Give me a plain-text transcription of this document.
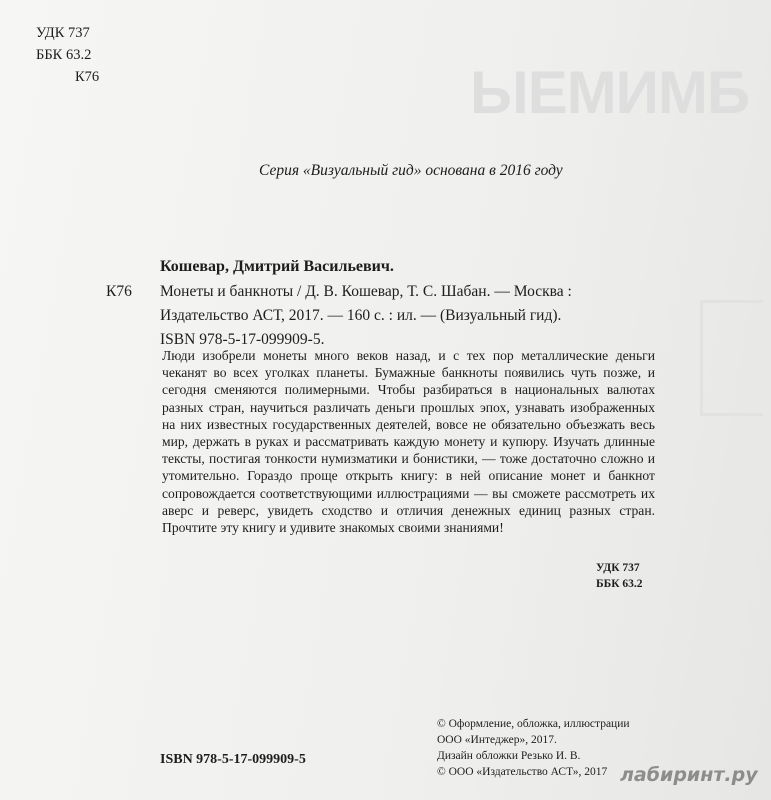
ЫЕМИМБ
УДК 737
ББК 63.2
К76
Серия «Визуальный гид» основана в 2016 году
Кошевар, Дмитрий Васильевич.
К76 Монеты и банкноты / Д. В. Кошевар, Т. С. Шабан. — Москва :
Издательство АСТ, 2017. — 160 с. : ил. — (Визуальный гид).
ISBN 978-5-17-099909-5.

Люди изобрели монеты много веков назад, и с тех пор металлические деньги чеканят во всех уголках планеты. Бумажные банкноты появились чуть позже, и сегодня сменяются полимерными. Чтобы разбираться в национальных валютах разных стран, научиться различать деньги прошлых эпох, узнавать изображенных на них известных государственных деятелей, вовсе не обязательно объезжать весь мир, держать в руках и рассматривать каждую монету и купюру. Изучать длинные тексты, постигая тонкости нумизматики и бонистики, — тоже достаточно сложно и утомительно. Гораздо проще открыть книгу: в ней описание монет и банкнот сопровождается соответствующими иллюстрациями — вы сможете рассмотреть их аверс и реверс, увидеть сходство и отличия денежных единиц разных стран. Прочтите эту книгу и удивите знакомых своими знаниями!

УДК 737
ББК 63.2
© Оформление, обложка, иллюстрации
ООО «Интеджер», 2017.
Дизайн обложки Резько И. В.
© ООО «Издательство АСТ», 2017
ISBN 978-5-17-099909-5
лабиринт.ру
